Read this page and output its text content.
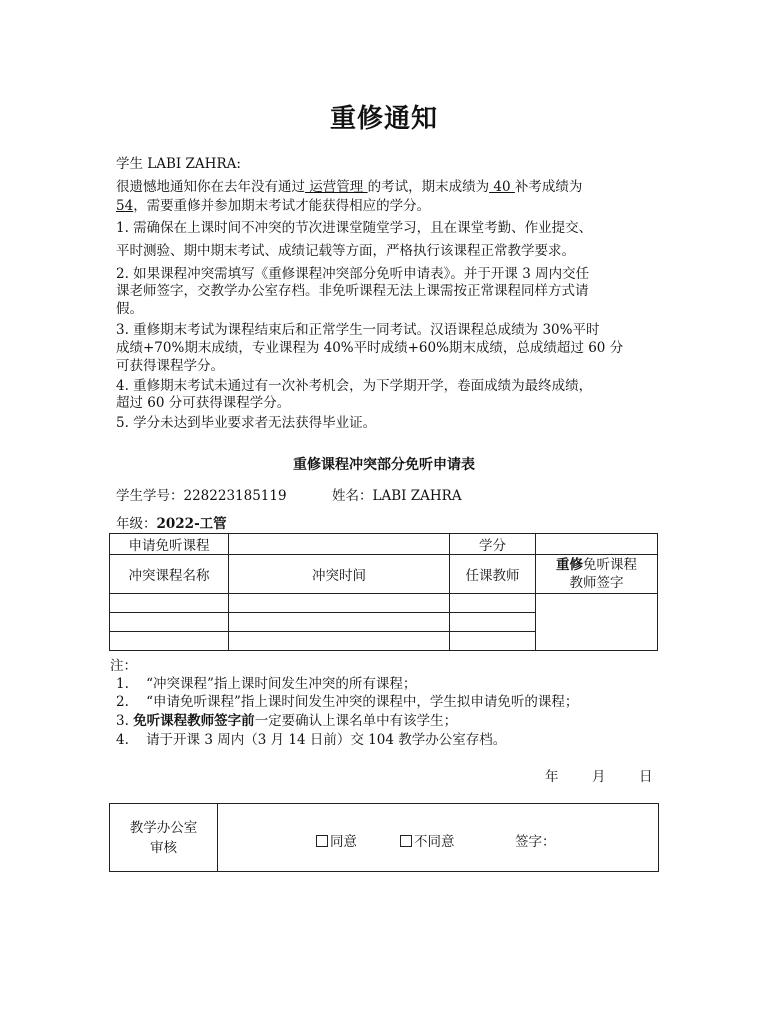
重修通知
学生 LABI ZAHRA:
很遗憾地通知你在去年没有通过 运营管理 的考试，期末成绩为 40 补考成绩为
54，需要重修并参加期末考试才能获得相应的学分。
1. 需确保在上课时间不冲突的节次进课堂随堂学习，且在课堂考勤、作业提交、
平时测验、期中期末考试、成绩记载等方面，严格执行该课程正常教学要求。
2. 如果课程冲突需填写《重修课程冲突部分免听申请表》。并于开课 3 周内交任
课老师签字，交教学办公室存档。非免听课程无法上课需按正常课程同样方式请
假。
3. 重修期末考试为课程结束后和正常学生一同考试。汉语课程总成绩为 30%平时
成绩+70%期末成绩，专业课程为 40%平时成绩+60%期末成绩，总成绩超过 60 分
可获得课程学分。
4. 重修期末考试未通过有一次补考机会，为下学期开学，卷面成绩为最终成绩，
超过 60 分可获得课程学分。
5. 学分未达到毕业要求者无法获得毕业证。
重修课程冲突部分免听申请表
学生学号：228223185119	姓名：LABI ZAHRA
年级：2022-工管
申请免听课程		学分	
冲突课程名称	冲突时间	任课教师	重修免听课程
教师签字

注：
1. “冲突课程”指上课时间发生冲突的所有课程；
2. “申请免听课程”指上课时间发生冲突的课程中，学生拟申请免听的课程；
3. 免听课程教师签字前一定要确认上课名单中有该学生；
4. 请于开课 3 周内（3 月 14 日前）交 104 教学办公室存档。
年 月 日
教学办公室
审核	同意	不同意	签字：
